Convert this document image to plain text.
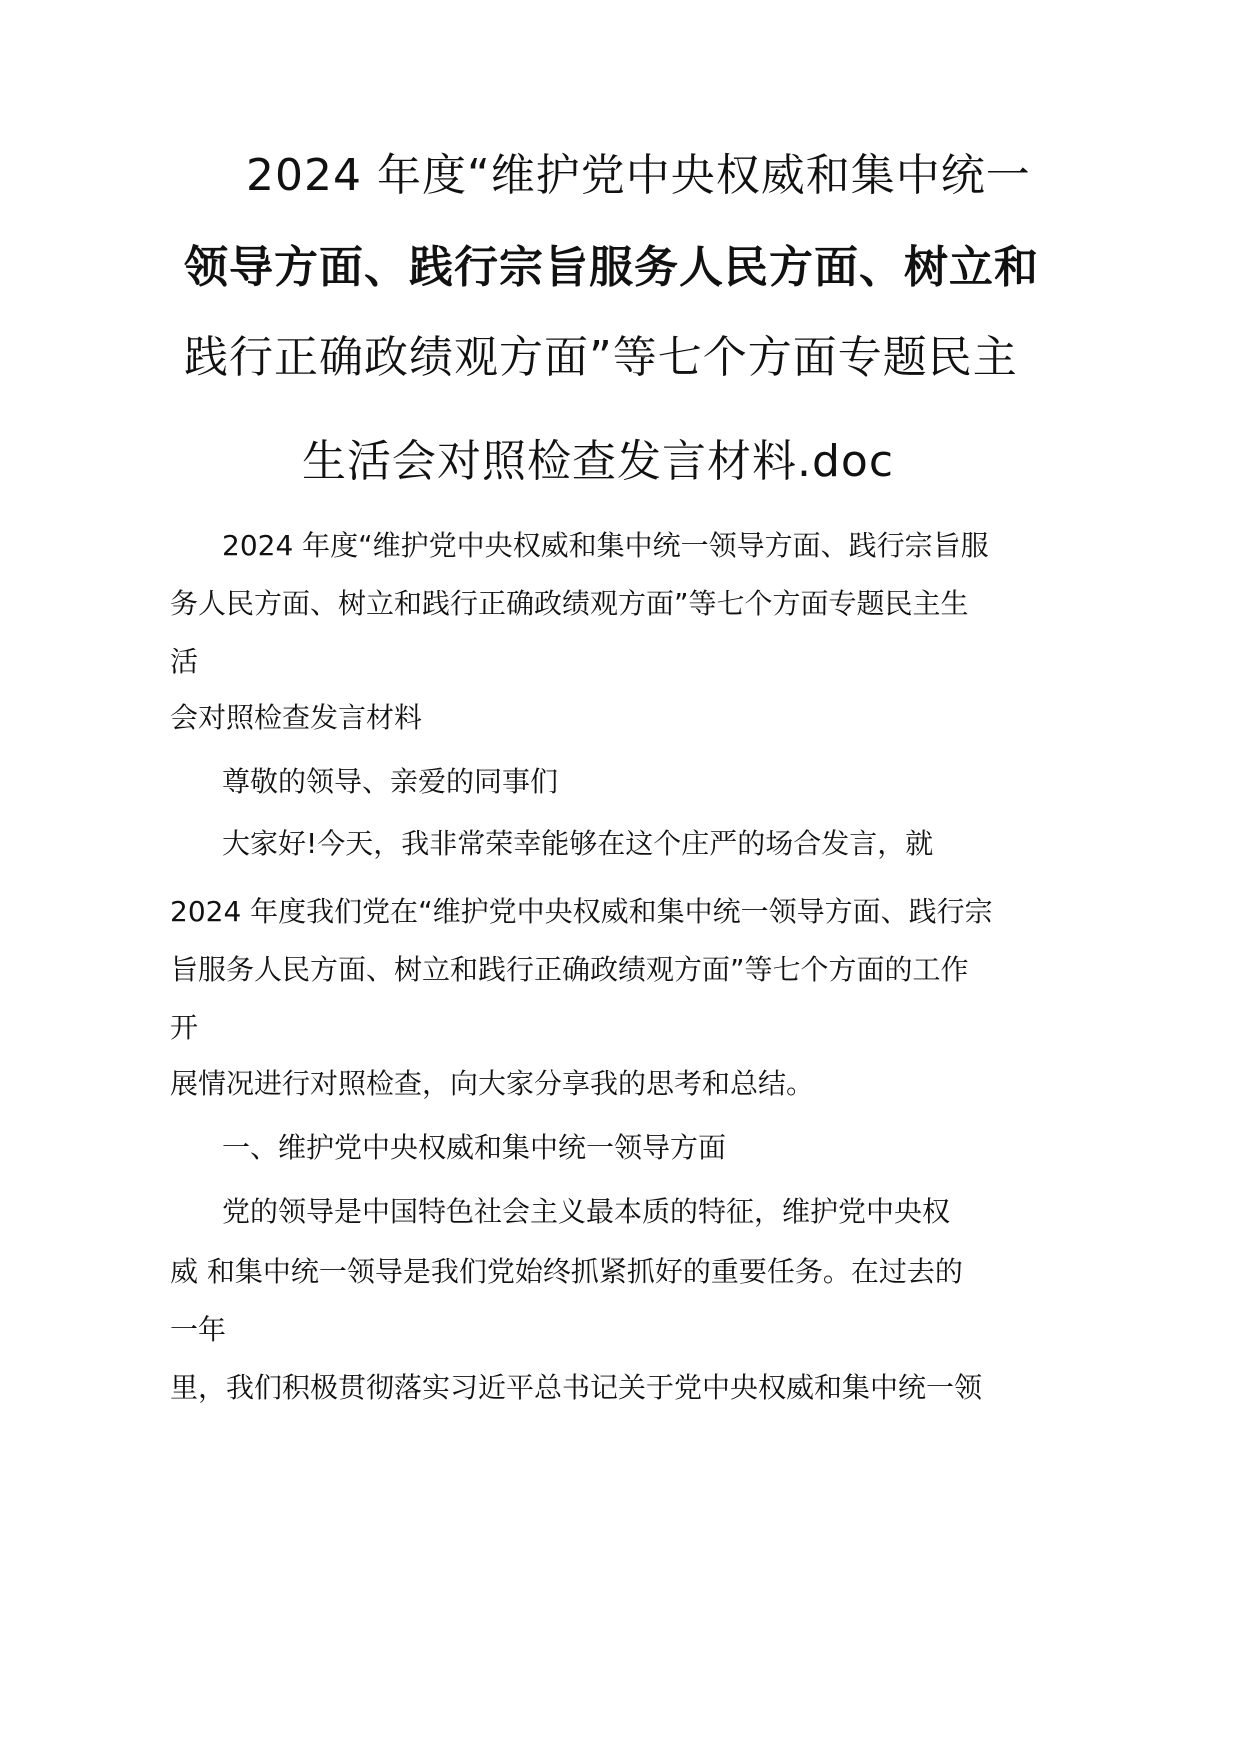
2024 年度“维护党中央权威和集中统一
领导方面、践行宗旨服务人民方面、树立和
践行正确政绩观方面”等七个方面专题民主
生活会对照检查发言材料.doc
2024 年度“维护党中央权威和集中统一领导方面、践行宗旨服
务人民方面、树立和践行正确政绩观方面”等七个方面专题民主生
活
会对照检查发言材料
尊敬的领导、亲爱的同事们
大家好!今天，我非常荣幸能够在这个庄严的场合发言，就
2024 年度我们党在“维护党中央权威和集中统一领导方面、践行宗
旨服务人民方面、树立和践行正确政绩观方面”等七个方面的工作
开
展情况进行对照检查，向大家分享我的思考和总结。
一、维护党中央权威和集中统一领导方面
党的领导是中国特色社会主义最本质的特征，维护党中央权
威 和集中统一领导是我们党始终抓紧抓好的重要任务。在过去的
一年
里，我们积极贯彻落实习近平总书记关于党中央权威和集中统一领
